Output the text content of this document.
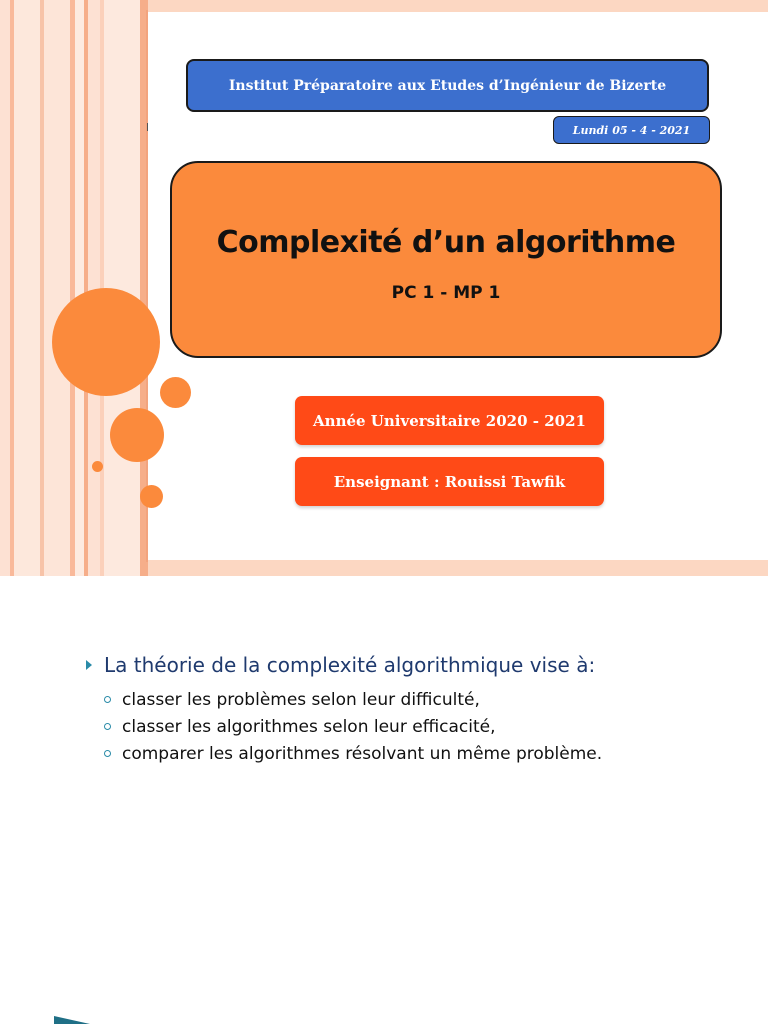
Institut Préparatoire aux Etudes d’Ingénieur de Bizerte
Lundi 05 - 4 - 2021
Complexité d’un algorithme
PC 1 - MP 1
Année Universitaire 2020 - 2021
Enseignant : Rouissi Tawfik
La théorie de la complexité algorithmique vise à:
classer les problèmes selon leur difficulté,
classer les algorithmes selon leur efficacité,
comparer les algorithmes résolvant un même problème.
